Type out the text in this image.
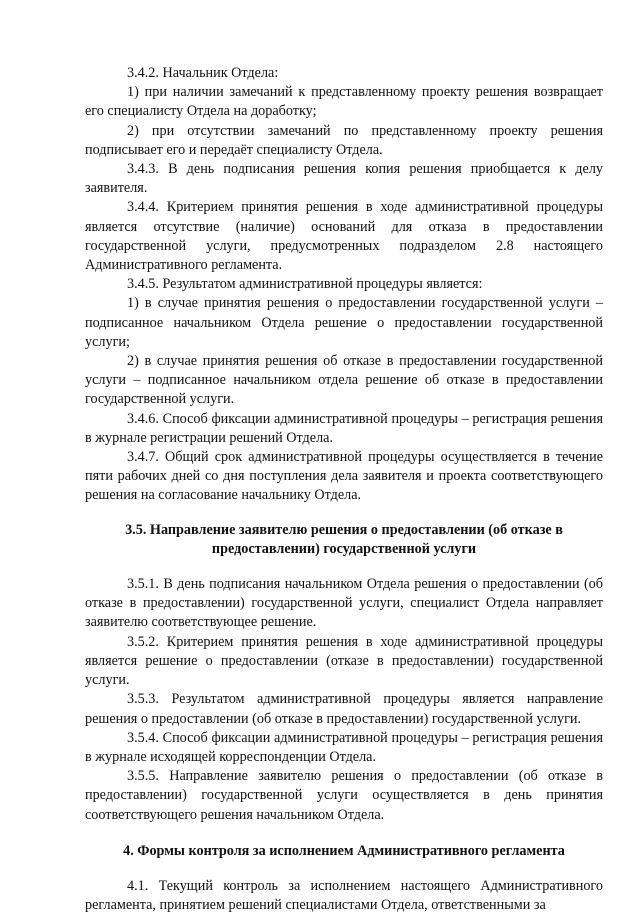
3.4.2. Начальник Отдела:

1) при наличии замечаний к представленному проекту решения возвращает его специалисту Отдела на доработку;

2) при отсутствии замечаний по представленному проекту решения подписывает его и передаёт специалисту Отдела.

3.4.3. В день подписания решения копия решения приобщается к делу заявителя.

3.4.4. Критерием принятия решения в ходе административной процедуры является отсутствие (наличие) оснований для отказа в предоставлении государственной услуги, предусмотренных подразделом 2.8 настоящего Административного регламента.

3.4.5. Результатом административной процедуры является:

1) в случае принятия решения о предоставлении государственной услуги – подписанное начальником Отдела решение о предоставлении государственной услуги;

2) в случае принятия решения об отказе в предоставлении государственной услуги – подписанное начальником отдела решение об отказе в предоставлении государственной услуги.

3.4.6. Способ фиксации административной процедуры – регистрация решения в журнале регистрации решений Отдела.

3.4.7. Общий срок административной процедуры осуществляется в течение пяти рабочих дней со дня поступления дела заявителя и проекта соответствующего решения на согласование начальнику Отдела.

3.5. Направление заявителю решения о предоставлении (об отказе в предоставлении) государственной услуги

3.5.1. В день подписания начальником Отдела решения о предоставлении (об отказе в предоставлении) государственной услуги, специалист Отдела направляет заявителю соответствующее решение.

3.5.2. Критерием принятия решения в ходе административной процедуры является решение о предоставлении (отказе в предоставлении) государственной услуги.

3.5.3. Результатом административной процедуры является направление решения о предоставлении (об отказе в предоставлении) государственной услуги.

3.5.4. Способ фиксации административной процедуры – регистрация решения в журнале исходящей корреспонденции Отдела.

3.5.5. Направление заявителю решения о предоставлении (об отказе в предоставлении) государственной услуги осуществляется в день принятия соответствующего решения начальником Отдела.

4. Формы контроля за исполнением Административного регламента

4.1. Текущий контроль за исполнением настоящего Административного регламента, принятием решений специалистами Отдела, ответственными за
